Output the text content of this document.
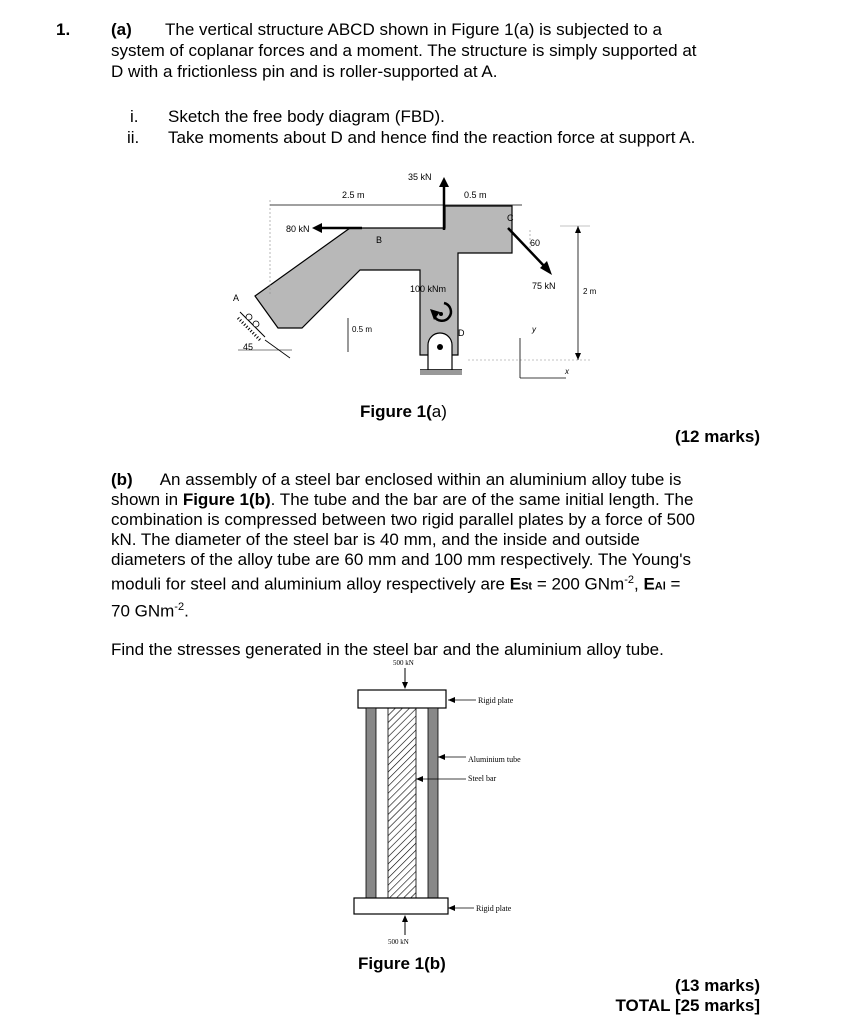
1. (a) The vertical structure ABCD shown in Figure 1(a) is subjected to a
system of coplanar forces and a moment. The structure is simply supported at
D with a frictionless pin and is roller-supported at A.
i. Sketch the free body diagram (FBD).
ii. Take moments about D and hence find the reaction force at support A.
2.5 m	0.5 m
35 kN
80 kN
B
C
60
75 kN
2 m
100 kNm
0.5 m	D
A
45
y
x
Figure 1(a)
(12 marks)
(b) An assembly of a steel bar enclosed within an aluminium alloy tube is
shown in Figure 1(b). The tube and the bar are of the same initial length. The
combination is compressed between two rigid parallel plates by a force of 500
kN. The diameter of the steel bar is 40 mm, and the inside and outside
diameters of the alloy tube are 60 mm and 100 mm respectively. The Young's
moduli for steel and aluminium alloy respectively are ESt = 200 GNm$^{-2}$, EAl =
70 GNm$^{-2}$.
Find the stresses generated in the steel bar and the aluminium alloy tube.
500 kN
500 kN
Rigid plate
Aluminium tube
Steel bar
Rigid plate
Figure 1(b)
(13 marks)
TOTAL [25 marks]
